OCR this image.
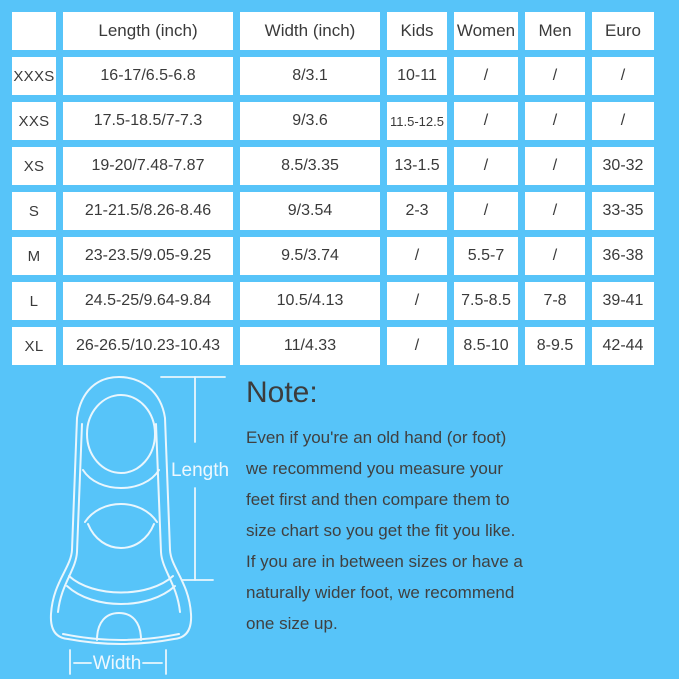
	Length (inch)	Width (inch)	Kids	Women	Men	Euro
XXXS	16-17/6.5-6.8	8/3.1	10-11	/	/	/
XXS	17.5-18.5/7-7.3	9/3.6	11.5-12.5	/	/	/
XS	19-20/7.48-7.87	8.5/3.35	13-1.5	/	/	30-32
S	21-21.5/8.26-8.46	9/3.54	2-3	/	/	33-35
M	23-23.5/9.05-9.25	9.5/3.74	/	5.5-7	/	36-38
L	24.5-25/9.64-9.84	10.5/4.13	/	7.5-8.5	7-8	39-41
XL	26-26.5/10.23-10.43	11/4.33	/	8.5-10	8-9.5	42-44
Length
Width
Note:
Even if you're an old hand (or foot)
we recommend you measure your
feet first and then compare them to
size chart so you get the fit you like.
If you are in between sizes or have a
naturally wider foot, we recommend
one size up.
